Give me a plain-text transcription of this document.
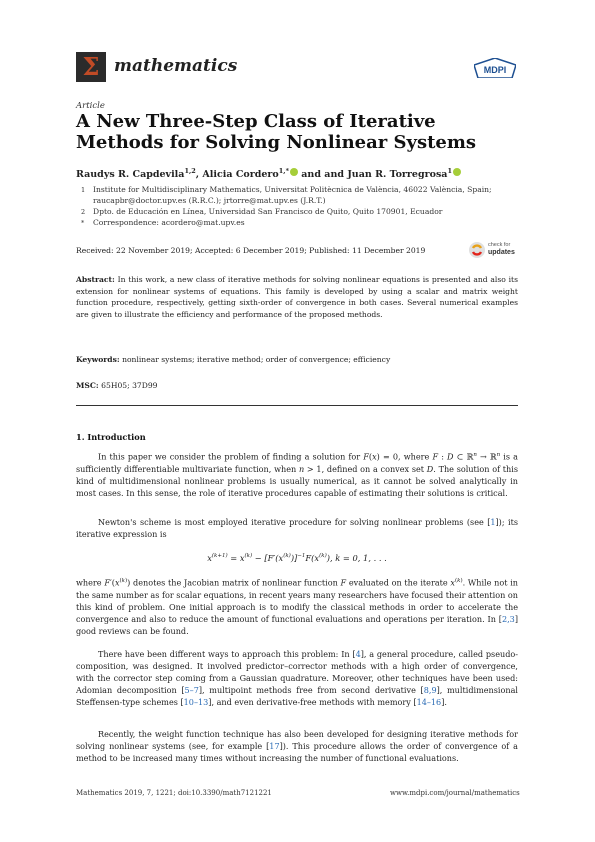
Σ mathematics	MDPI
Article
A New Three-Step Class of Iterative Methods for Solving Nonlinear Systems
Raudys R. Capdevila$^{1,2}$, Alicia Cordero$^{1,*}$ and and Juan R. Torregrosa$^1$
1 Institute for Multidisciplinary Mathematics, Universitat Politècnica de València, 46022 València, Spain;
raucapbr@doctor.upv.es (R.R.C.); jrtorre@mat.upv.es (J.R.T.)
2 Dpto. de Educación en Línea, Universidad San Francisco de Quito, Quito 170901, Ecuador
* Correspondence: acordero@mat.upv.es
Received: 22 November 2019; Accepted: 6 December 2019; Published: 11 December 2019
check for
updates
Abstract: In this work, a new class of iterative methods for solving nonlinear equations is presented and also its extension for nonlinear systems of equations. This family is developed by using a scalar and matrix weight function procedure, respectively, getting sixth-order of convergence in both cases. Several numerical examples are given to illustrate the efficiency and performance of the proposed methods.
Keywords: nonlinear systems; iterative method; order of convergence; efficiency
MSC: 65H05; 37D99
1. Introduction
In this paper we consider the problem of finding a solution for F(x) = 0, where F : D ⊂ ℝ$^n$ → ℝ$^n$ is a sufficiently differentiable multivariate function, when n > 1, defined on a convex set D. The solution of this kind of multidimensional nonlinear problems is usually numerical, as it cannot be solved analytically in most cases. In this sense, the role of iterative procedures capable of estimating their solutions is critical.
Newton's scheme is most employed iterative procedure for solving nonlinear problems (see [1]); its iterative expression is
$x^{(k+1)} = x^{(k)} - [F'(x^{(k)})]^{-1}F(x^{(k)})$, k = 0, 1, . . .
where $F'(x^{(k)})$ denotes the Jacobian matrix of nonlinear function F evaluated on the iterate $x^{(k)}$. While not in the same number as for scalar equations, in recent years many researchers have focused their attention on this kind of problem. One initial approach is to modify the classical methods in order to accelerate the convergence and also to reduce the amount of functional evaluations and operations per iteration. In [2,3] good reviews can be found.
There have been different ways to approach this problem: In [4], a general procedure, called pseudo-composition, was designed. It involved predictor–corrector methods with a high order of convergence, with the corrector step coming from a Gaussian quadrature. Moreover, other techniques have been used: Adomian decomposition [5–7], multipoint methods free from second derivative [8,9], multidimensional Steffensen-type schemes [10–13], and even derivative-free methods with memory [14–16].
Recently, the weight function technique has also been developed for designing iterative methods for solving nonlinear systems (see, for example [17]). This procedure allows the order of convergence of a method to be increased many times without increasing the number of functional evaluations.
Mathematics 2019, 7, 1221; doi:10.3390/math7121221	www.mdpi.com/journal/mathematics
